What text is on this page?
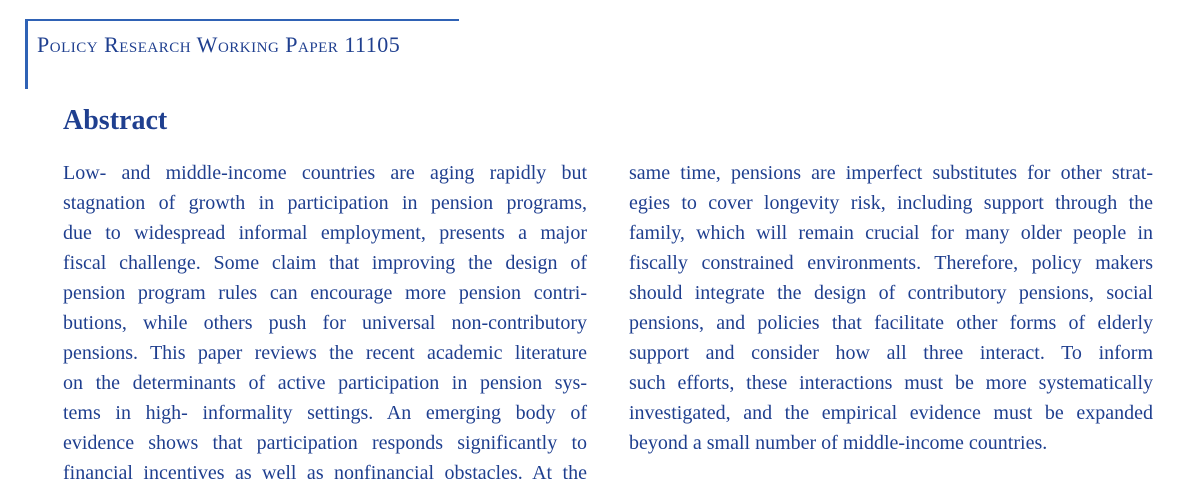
Policy Research Working Paper 11105
Abstract
Low- and middle-income countries are aging rapidly but
stagnation of growth in participation in pension programs,
due to widespread informal employment, presents a major
fiscal challenge. Some claim that improving the design of
pension program rules can encourage more pension contri-
butions, while others push for universal non-contributory
pensions. This paper reviews the recent academic literature
on the determinants of active participation in pension sys-
tems in high- informality settings. An emerging body of
evidence shows that participation responds significantly to
financial incentives as well as nonfinancial obstacles. At the
same time, pensions are imperfect substitutes for other strat-
egies to cover longevity risk, including support through the
family, which will remain crucial for many older people in
fiscally constrained environments. Therefore, policy makers
should integrate the design of contributory pensions, social
pensions, and policies that facilitate other forms of elderly
support and consider how all three interact. To inform
such efforts, these interactions must be more systematically
investigated, and the empirical evidence must be expanded
beyond a small number of middle-income countries.
